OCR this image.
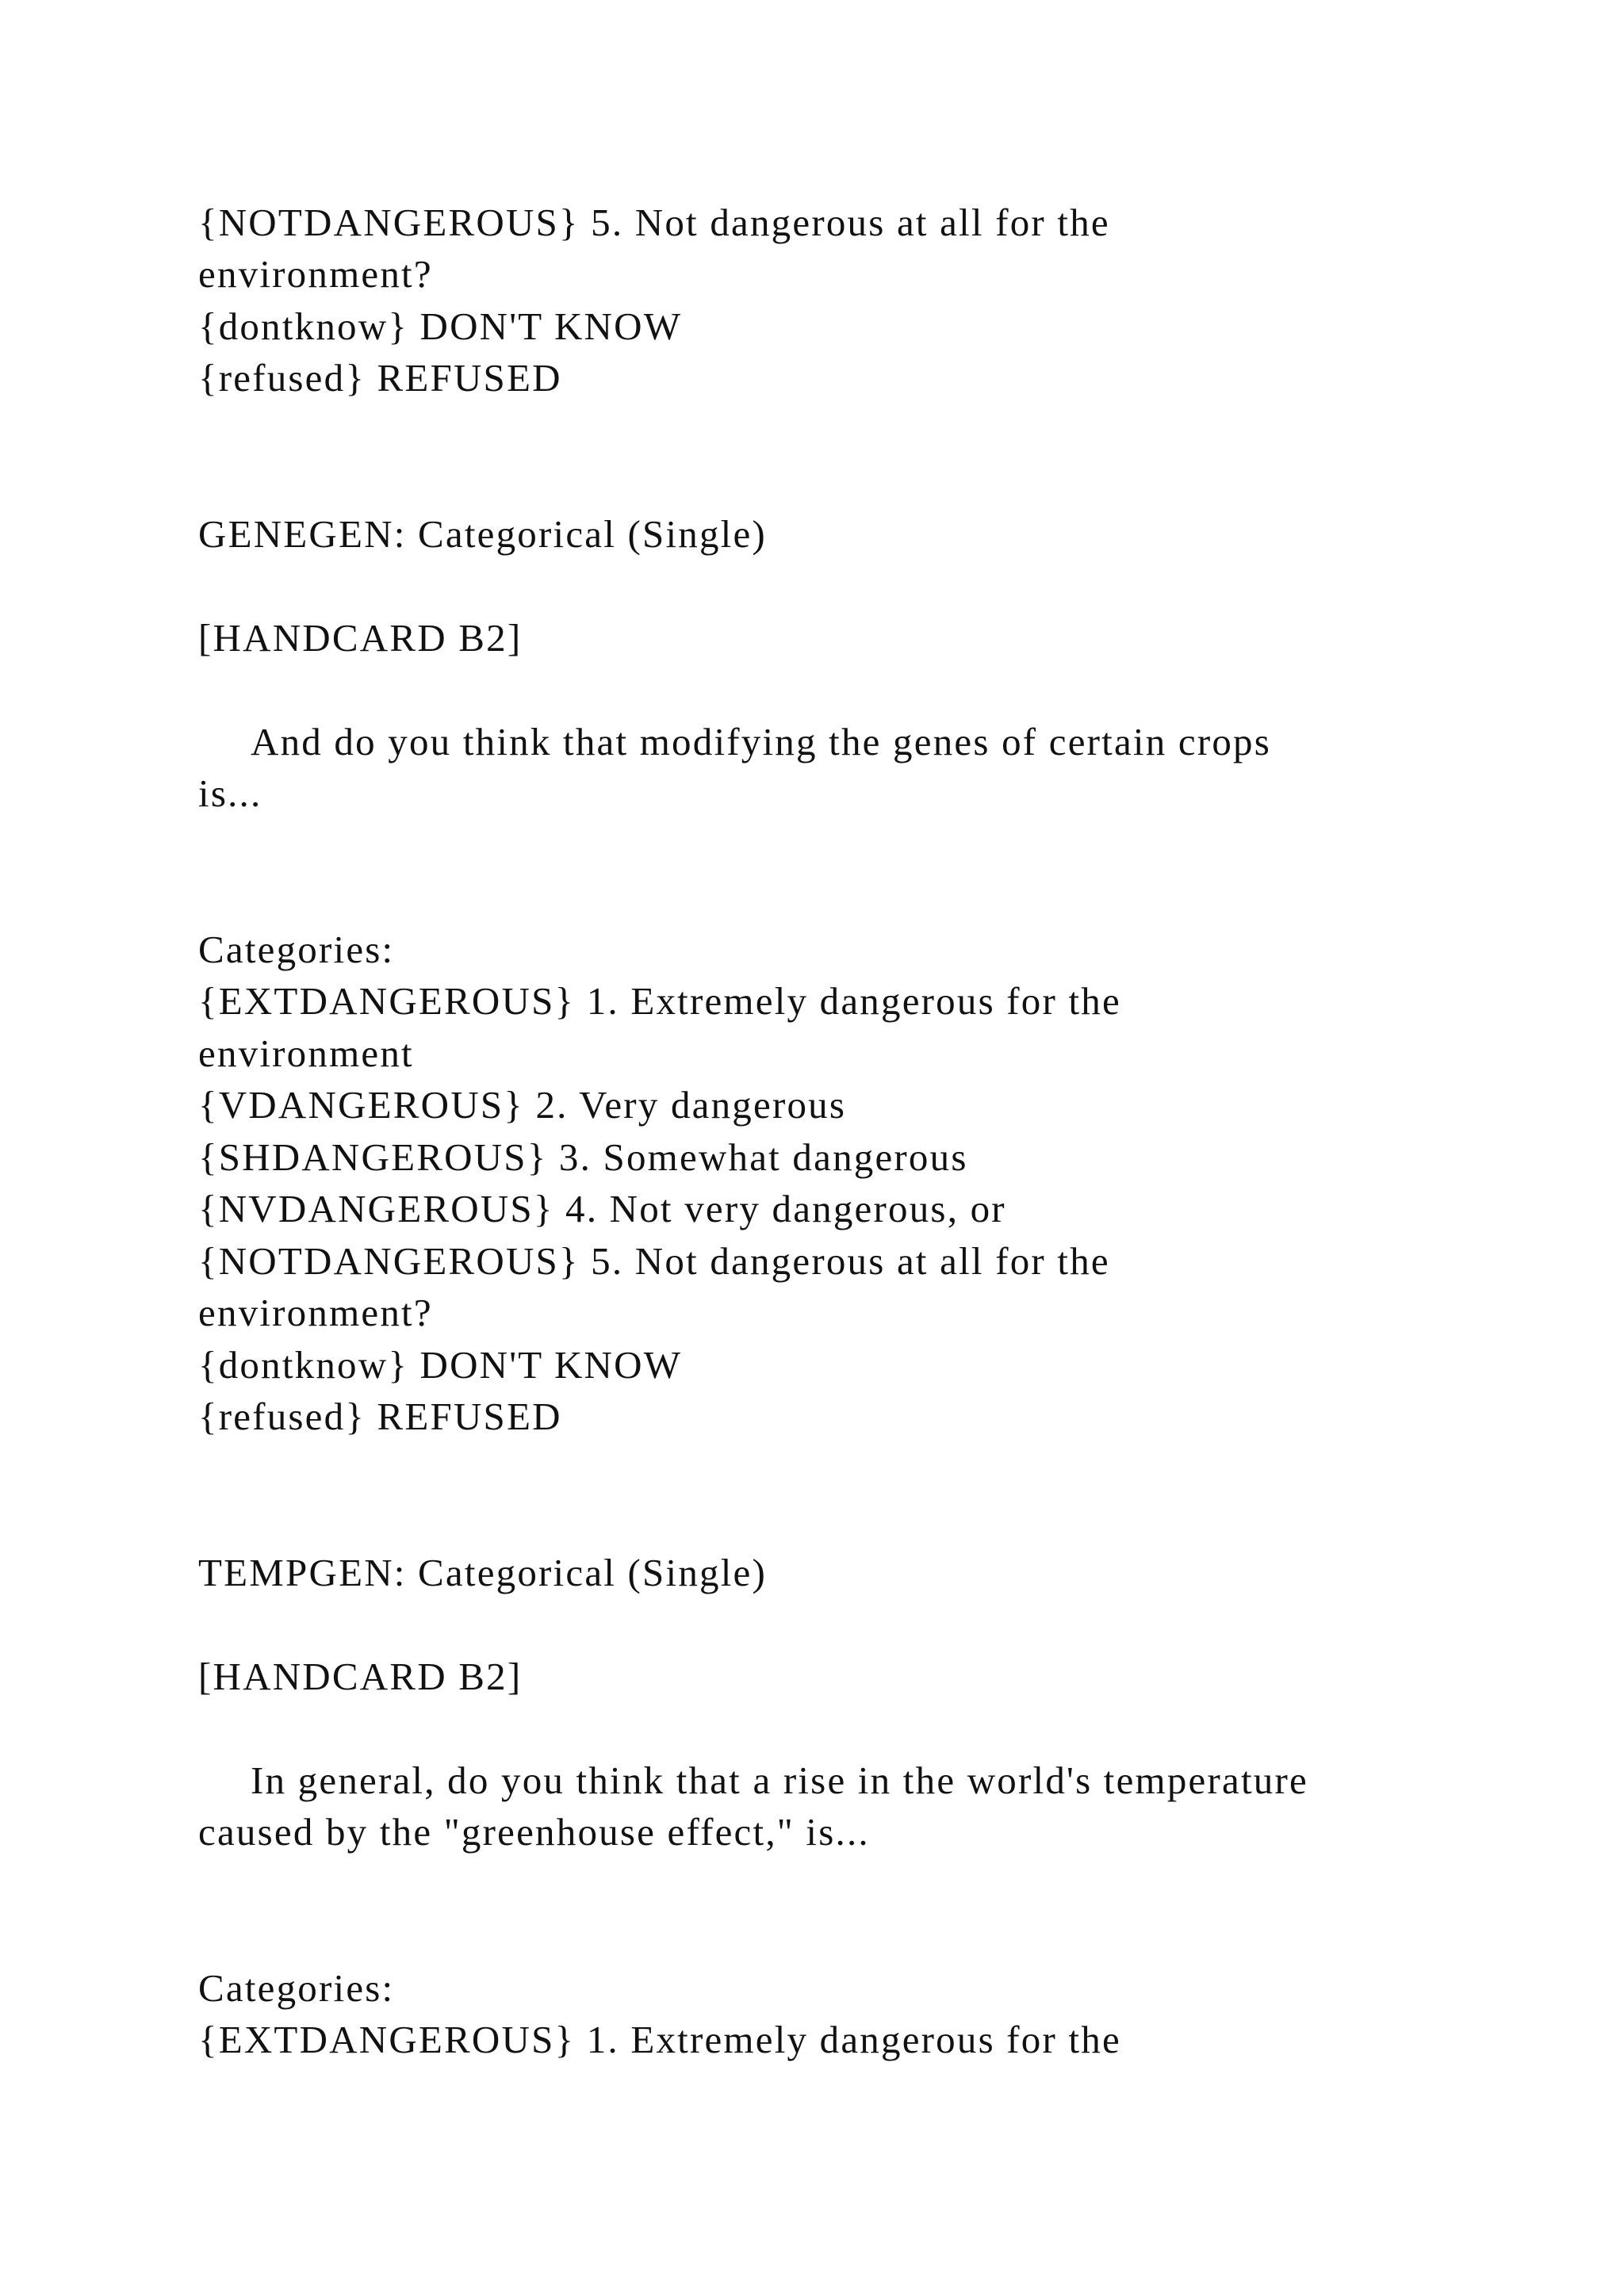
{NOTDANGEROUS} 5. Not dangerous at all for the
environment?
{dontknow} DON'T KNOW
{refused} REFUSED
GENEGEN: Categorical (Single)
[HANDCARD B2]
And do you think that modifying the genes of certain crops
is...
Categories:
{EXTDANGEROUS} 1. Extremely dangerous for the
environment
{VDANGEROUS} 2. Very dangerous
{SHDANGEROUS} 3. Somewhat dangerous
{NVDANGEROUS} 4. Not very dangerous, or
{NOTDANGEROUS} 5. Not dangerous at all for the
environment?
{dontknow} DON'T KNOW
{refused} REFUSED
TEMPGEN: Categorical (Single)
[HANDCARD B2]
In general, do you think that a rise in the world's temperature
caused by the "greenhouse effect," is...
Categories:
{EXTDANGEROUS} 1. Extremely dangerous for the
